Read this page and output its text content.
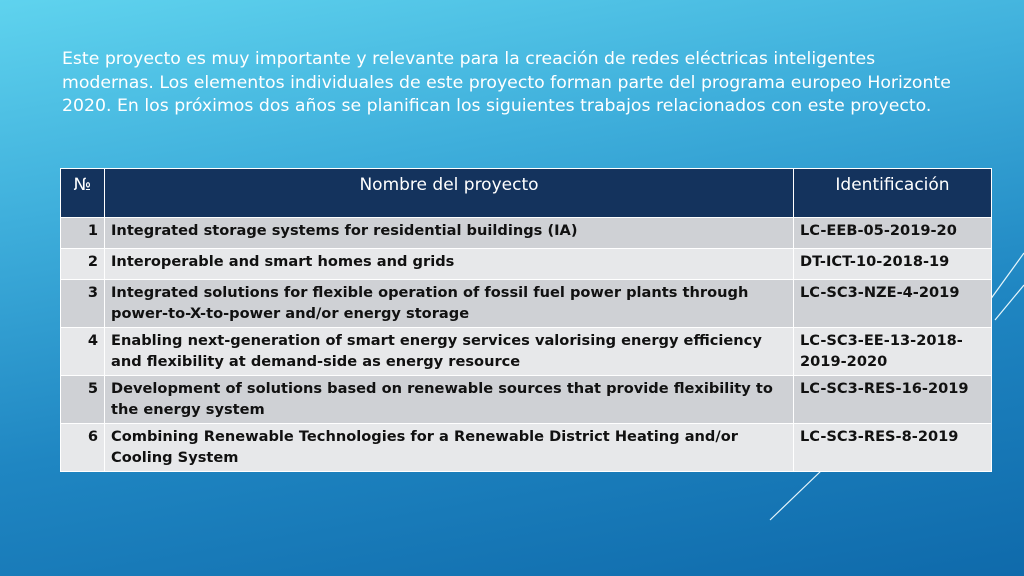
Este proyecto es muy importante y relevante para la creación de redes eléctricas inteligentes modernas. Los elementos individuales de este proyecto forman parte del programa europeo Horizonte 2020. En los próximos dos años se planifican los siguientes trabajos relacionados con este proyecto.
№	Nombre del proyecto	Identificación
1	Integrated storage systems for residential buildings (IA)	LC-EEB-05-2019-20
2	Interoperable and smart homes and grids	DT-ICT-10-2018-19
3	Integrated solutions for flexible operation of fossil fuel power plants through power-to-X-to-power and/or energy storage	LC-SC3-NZE-4-2019
4	Enabling next-generation of smart energy services valorising energy efficiency and flexibility at demand-side as energy resource	LC-SC3-EE-13-2018-2019-2020
5	Development of solutions based on renewable sources that provide flexibility to the energy system	LC-SC3-RES-16-2019
6	Combining Renewable Technologies for a Renewable District Heating and/or Cooling System	LC-SC3-RES-8-2019
